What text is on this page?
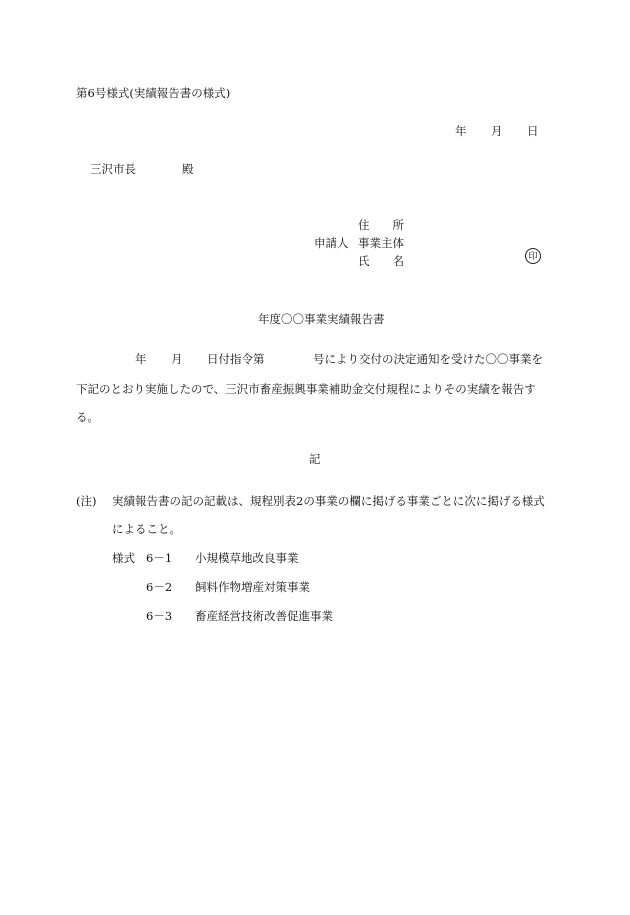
第6号様式(実績報告書の様式)
年 月 日
三沢市長	殿
住　　所
申請人 事業主体
氏　　名	印
年度〇〇事業実績報告書
年 月 日付指令第	号により交付の決定通知を受けた〇〇事業を
下記のとおり実施したので、三沢市畜産振興事業補助金交付規程によりその実績を報告す
る。
記
(注) 実績報告書の記の記載は、規程別表2の事業の欄に掲げる事業ごとに次に掲げる様式
によること。
様式 6－1 小規模草地改良事業
6－2 飼料作物増産対策事業
6－3 畜産経営技術改善促進事業
